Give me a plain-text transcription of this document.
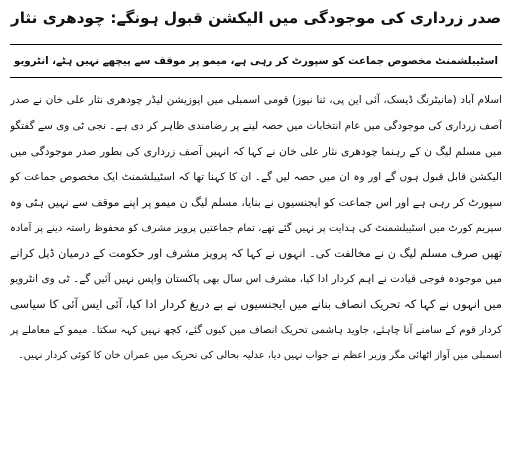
صدر زرداری کی موجودگی میں الیکشن قبول ہونگے: چودھری نثار
اسٹیبلشمنٹ مخصوص جماعت کو سپورٹ کر رہی ہے، میمو پر موقف سے پیچھے نہیں ہٹے، انٹرویو
اسلام آباد (مانیٹرنگ ڈیسک، آئی این پی، ثنا نیوز) قومی اسمبلی میں اپوزیشن لیڈر چودھری نثار علی خان نے صدر
آصف زرداری کی موجودگی میں عام انتخابات میں حصہ لینے پر رضامندی ظاہر کر دی ہے۔ نجی ٹی وی سے گفتگو
میں مسلم لیگ ن کے رہنما چودھری نثار علی خان نے کہا کہ انہیں آصف زرداری کی بطور صدر موجودگی میں
الیکشن قابل قبول ہوں گے اور وہ ان میں حصہ لیں گے۔ ان کا کہنا تھا کہ اسٹیبلشمنٹ ایک مخصوص جماعت کو
سپورٹ کر رہی ہے اور اس جماعت کو ایجنسیوں نے بنایا، مسلم لیگ ن میمو پر اپنے موقف سے نہیں ہٹی وہ
سپریم کورٹ میں اسٹیبلشمنٹ کی ہدایت پر نہیں گئے تھے، تمام جماعتیں پرویز مشرف کو محفوظ راستہ دینے پر آمادہ
تھیں صرف مسلم لیگ ن نے مخالفت کی۔ انہوں نے کہا کہ پرویز مشرف اور حکومت کے درمیان ڈیل کرانے
میں موجودہ فوجی قیادت نے اہم کردار ادا کیا، مشرف اس سال بھی پاکستان واپس نہیں آئیں گے۔ ٹی وی انٹرویو
میں انہوں نے کہا کہ تحریک انصاف بنانے میں ایجنسیوں نے بے دریغ کردار ادا کیا، آئی ایس آئی کا سیاسی
کردار قوم کے سامنے آنا چاہئے، جاوید ہاشمی تحریک انصاف میں کیوں گئے، کچھ نہیں کہہ سکتا۔ میمو کے معاملے پر
اسمبلی میں آواز اٹھائی مگر وزیر اعظم نے جواب نہیں دیا، عدلیہ بحالی کی تحریک میں عمران خان کا کوئی کردار نہیں۔
